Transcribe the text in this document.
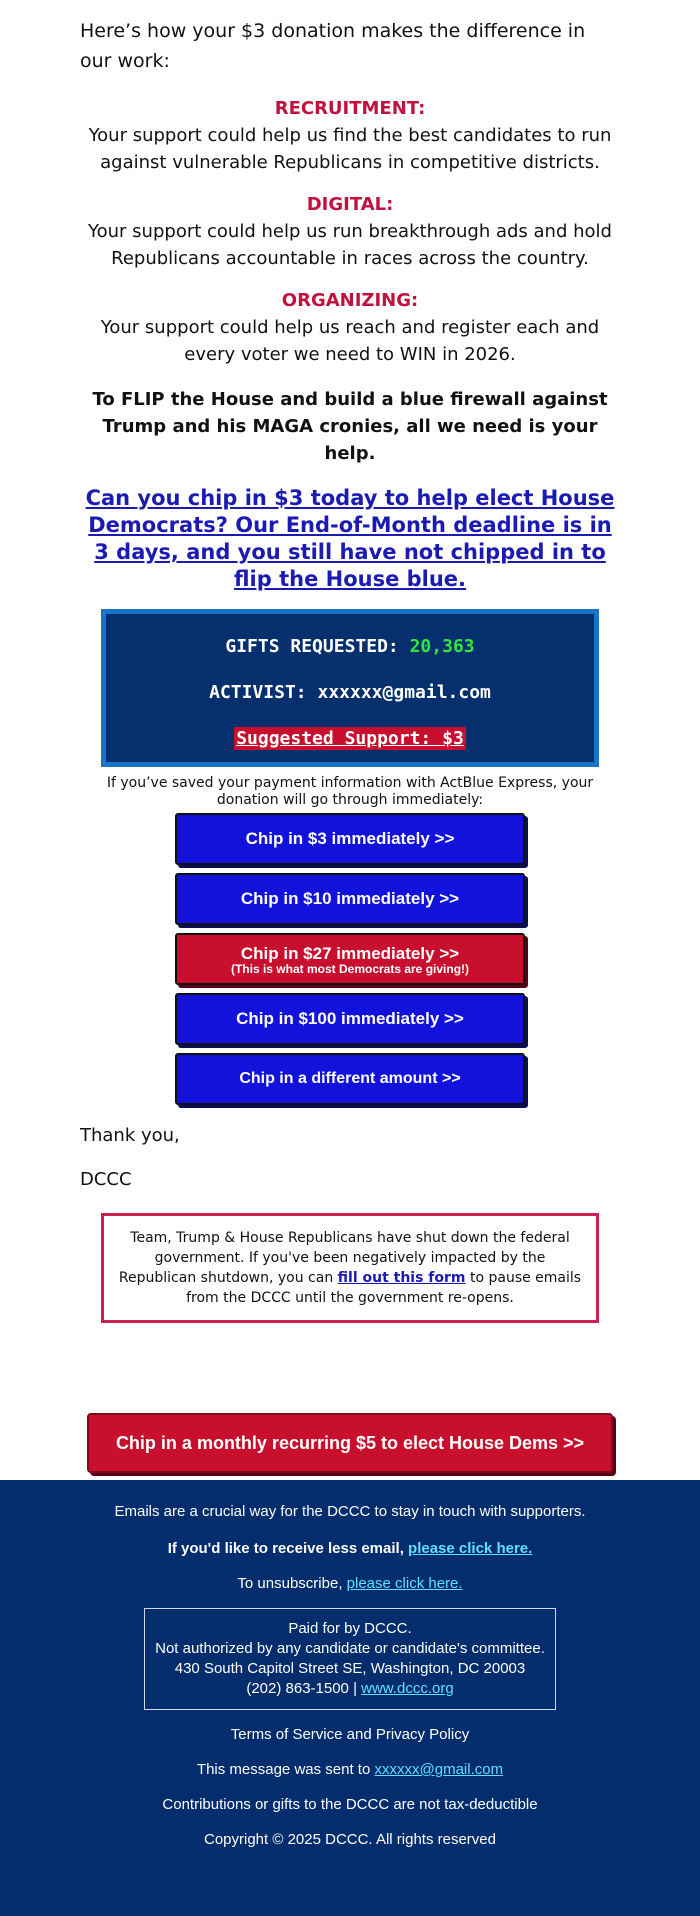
Here’s how your $3 donation makes the difference in our work:

RECRUITMENT:

Your support could help us find the best candidates to run against vulnerable Republicans in competitive districts.

DIGITAL:

Your support could help us run breakthrough ads and hold Republicans accountable in races across the country.

ORGANIZING:

Your support could help us reach and register each and every voter we need to WIN in 2026.

To FLIP the House and build a blue firewall against Trump and his MAGA cronies, all we need is your help.

Can you chip in $3 today to help elect House Democrats? Our End-of-Month deadline is in 3 days, and you still have not chipped in to flip the House blue.
GIFTS REQUESTED: 20,363
ACTIVIST: xxxxxx@gmail.com
Suggested Support: $3

If you’ve saved your payment information with ActBlue Express, your donation will go through immediately:

Chip in $3 immediately >>
Chip in $10 immediately >>
Chip in $27 immediately >>
(This is what most Democrats are giving!)
Chip in $100 immediately >>
Chip in a different amount >>

Thank you,

DCCC

Team, Trump & House Republicans have shut down the federal government. If you've been negatively impacted by the Republican shutdown, you can fill out this form to pause emails from the DCCC until the government re-opens.
Chip in a monthly recurring $5 to elect House Dems >>

Emails are a crucial way for the DCCC to stay in touch with supporters.

If you'd like to receive less email, please click here.

To unsubscribe, please click here.

Paid for by DCCC.

Not authorized by any candidate or candidate's committee.

430 South Capitol Street SE, Washington, DC 20003

(202) 863-1500 | www.dccc.org

Terms of Service and Privacy Policy

This message was sent to xxxxxx@gmail.com

Contributions or gifts to the DCCC are not tax-deductible

Copyright © 2025 DCCC. All rights reserved
